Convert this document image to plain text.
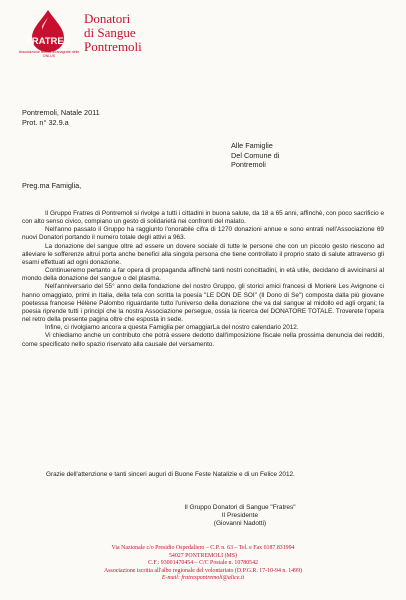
FRATRES
Associazione iscritta all'anagrafe delle ONLUS
Donatori
di Sangue
Pontremoli
Pontremoli, Natale 2011
Prot. n° 32.9.a
Alle Famiglie
Del Comune di
Pontremoli
Preg.ma Famiglia,

Il Gruppo Fratres di Pontremoli si rivolge a tutti i cittadini in buona salute, da 18 a 65 anni, affinchè, con poco sacrificio e con alto senso civico, compiano un gesto di solidarietà nei confronti del malato.

Nell'anno passato il Gruppo ha raggiunto l'onorabile cifra di 1270 donazioni annue e sono entrati nell'Associazione 69 nuovi Donatori portando il numero totale degli attivi a 963.

La donazione del sangue oltre ad essere un dovere sociale di tutte le persone che con un piccolo gesto riescono ad alleviare le sofferenze altrui porta anche benefici alla singola persona che tiene controllato il proprio stato di salute attraverso gli esami effettuati ad ogni donazione.

Continueremo pertanto a far opera di propaganda affinchè tanti nostri concittadini, in età utile, decidano di avvicinarsi al mondo della donazione del sangue o del plasma.

Nell'anniversario del 55° anno della fondazione del nostro Gruppo, gli storici amici francesi di Moriere Les Avignone ci hanno omaggiato, primi in Italia, della tela con scritta la poesia "LE DON DE SOI" (Il Dono di Se") composta dalla più giovane poetessa francese Hélène Palombo riguardante tutto l'universo della donazione che va dal sangue al midollo ed agli organi; la poesia riprende tutti i principi che la nostra Associazione persegue, ossia la ricerca del DONATORE TOTALE. Troverete l'opera nel retro della presente pagina oltre che esposta in sede.

Infine, ci rivolgiamo ancora a questa Famiglia per omaggiarLa del nostro calendario 2012.

Vi chiediamo anche un contributo che potrà essere dedotto dall'imposizione fiscale nella prossima denuncia dei redditi, come specificato nello spazio riservato alla causale del versamento.

Grazie dell'attenzione e tanti sinceri auguri di Buone Feste Natalizie e di un Felice 2012.
Il Gruppo Donatori di Sangue "Fratres"
Il Presidente
(Giovanni Nadotti)
Via Nazionale c/o Presidio Ospedaliero – C.P. n. 63 – Tel. e Fax 0187.831994
54027 PONTREMOLI (MS)
C.F.: 93001470454 – C/C Postale n. 10780542
Associazione iscritta all'albo regionale del volontariato (D.P.G.R. 17-10-94 n. 1499)
E-mail: fratrespontremoli@alice.it
